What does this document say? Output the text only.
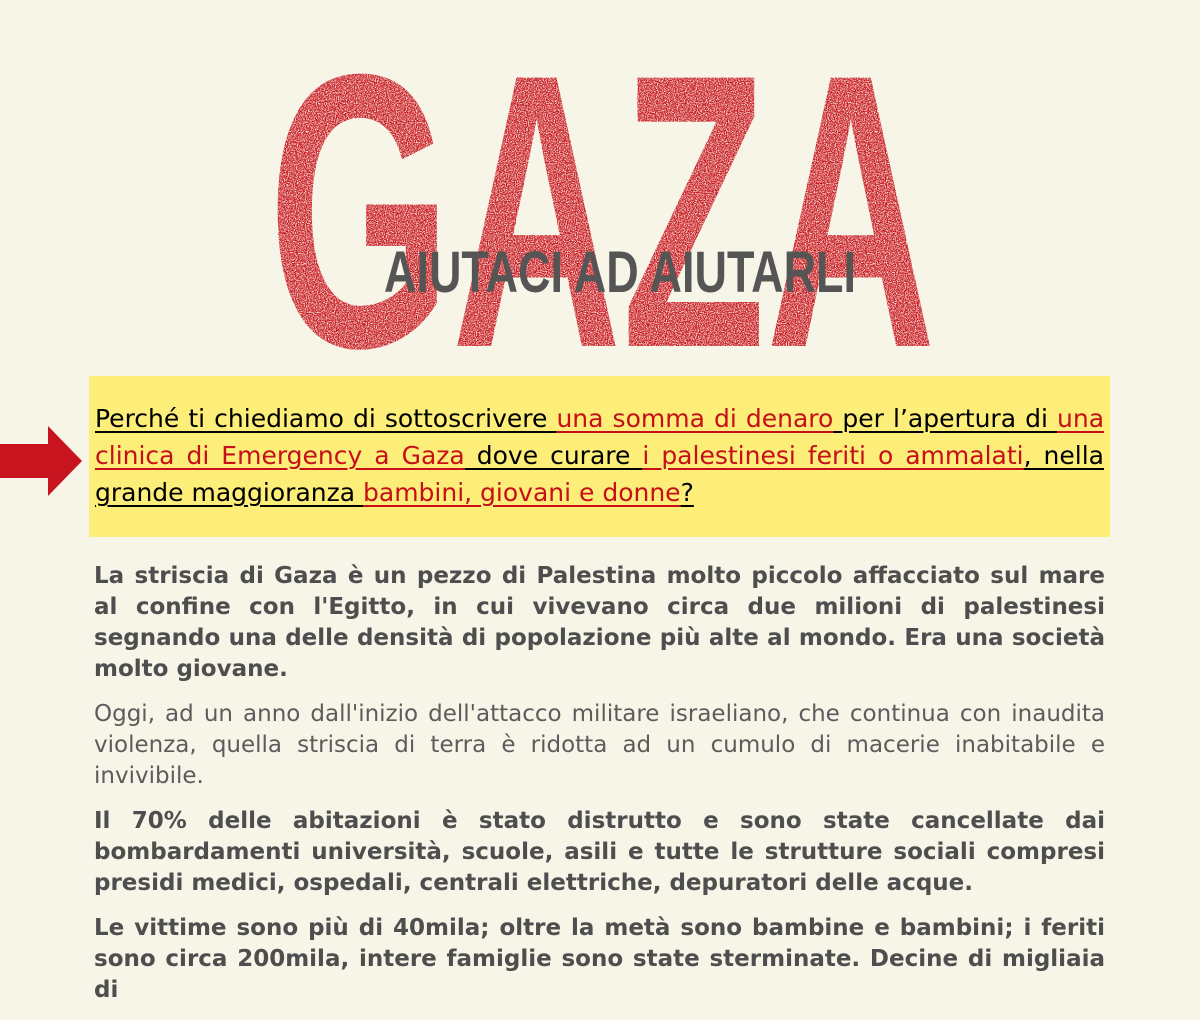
GAZA
AIUTACI AD AIUTARLI

Perché ti chiediamo di sottoscrivere una somma di denaro per l’apertura di una clinica di Emergency a Gaza dove curare i palestinesi feriti o ammalati, nella grande maggioranza bambini, giovani e donne?

La striscia di Gaza è un pezzo di Palestina molto piccolo affacciato sul mare al confine con l'Egitto, in cui vivevano circa due milioni di palestinesi segnando una delle densità di popolazione più alte al mondo. Era una società molto giovane.

Oggi, ad un anno dall'inizio dell'attacco militare israeliano, che continua con inaudita violenza, quella striscia di terra è ridotta ad un cumulo di macerie inabitabile e invivibile.

Il 70% delle abitazioni è stato distrutto e sono state cancellate dai bombardamenti università, scuole, asili e tutte le strutture sociali compresi presidi medici, ospedali, centrali elettriche, depuratori delle acque.

Le vittime sono più di 40mila; oltre la metà sono bambine e bambini; i feriti sono circa 200mila, intere famiglie sono state sterminate. Decine di migliaia di
